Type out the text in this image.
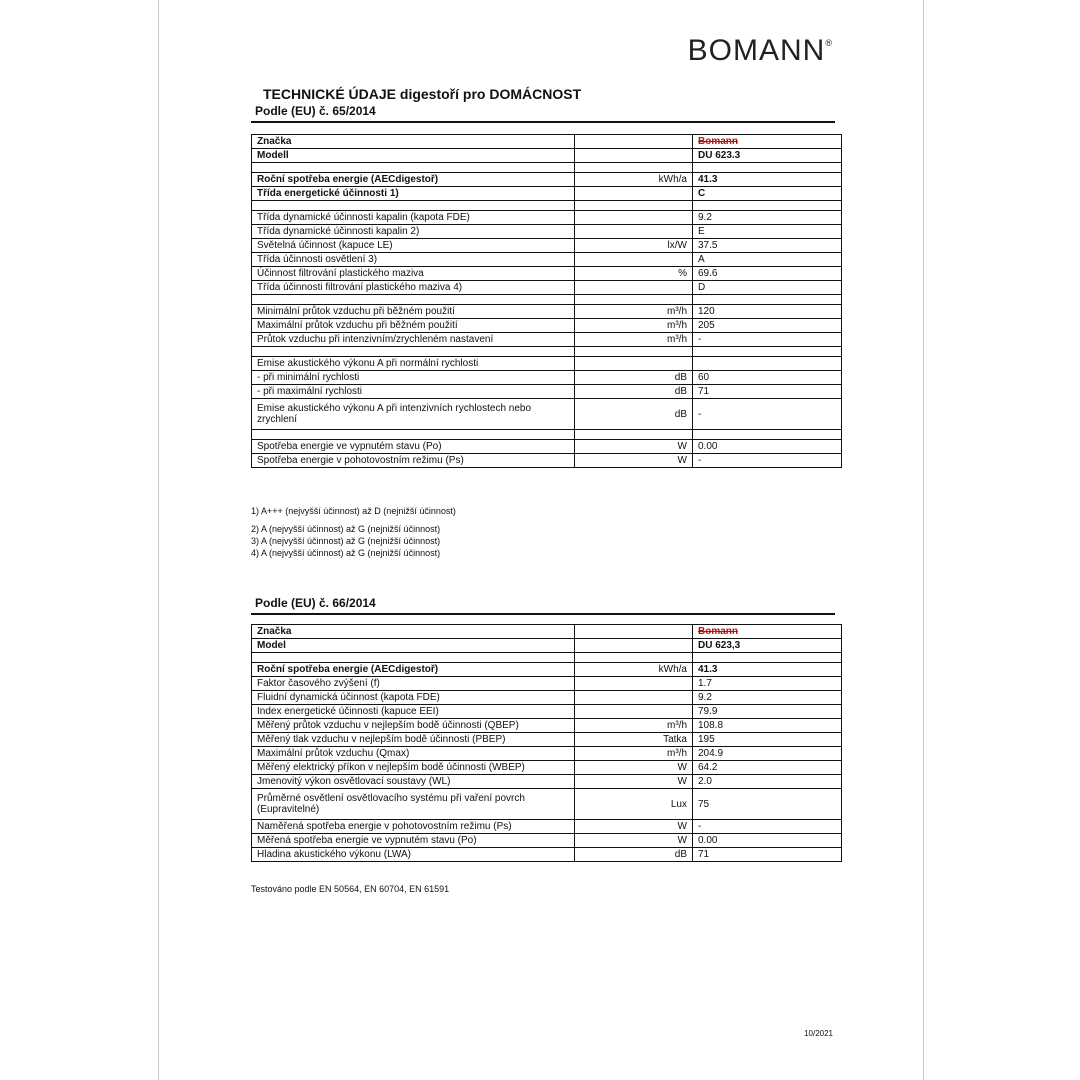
BOMANN®
TECHNICKÉ ÚDAJE digestoří pro DOMÁCNOST
Podle (EU) č. 65/2014
Značka		Bomann
Modell		DU 623.3

Roční spotřeba energie (AECdigestoř)	kWh/a	41.3
Třída energetické účinnosti 1)		C

Třída dynamické účinnosti kapalin (kapota FDE)		9.2
Třída dynamické účinnosti kapalin 2)		E
Světelná účinnost (kapuce LE)	lx/W	37.5
Třída účinnosti osvětlení 3)		A
Účinnost filtrování plastického maziva	%	69.6
Třída účinnosti filtrování plastického maziva 4)		D

Minimální průtok vzduchu při běžném použití	m³/h	120
Maximální průtok vzduchu při běžném použití	m³/h	205
Průtok vzduchu při intenzivním/zrychleném nastavení	m³/h	-

Emise akustického výkonu A při normální rychlosti		
- při minimální rychlosti	dB	60
- při maximální rychlosti	dB	71
Emise akustického výkonu A při intenzivních rychlostech nebo zrychlení	dB	-

Spotřeba energie ve vypnutém stavu (Po)	W	0.00
Spotřeba energie v pohotovostním režimu (Ps)	W	-
1) A+++ (nejvyšší účinnost) až D (nejnižší účinnost)
2) A (nejvyšší účinnost) až G (nejnižší účinnost)
3) A (nejvyšší účinnost) až G (nejnižší účinnost)
4) A (nejvyšší účinnost) až G (nejnižší účinnost)
Podle (EU) č. 66/2014
Značka		Bomann
Model		DU 623,3

Roční spotřeba energie (AECdigestoř)	kWh/a	41.3
Faktor časového zvýšení (f)		1.7
Fluidní dynamická účinnost (kapota FDE)		9.2
Index energetické účinnosti (kapuce EEI)		79.9
Měřený průtok vzduchu v nejlepším bodě účinnosti (QBEP)	m³/h	108.8
Měřený tlak vzduchu v nejlepším bodě účinnosti (PBEP)	Tatka	195
Maximální průtok vzduchu (Qmax)	m³/h	204.9
Měřený elektrický příkon v nejlepším bodě účinnosti (WBEP)	W	64.2
Jmenovitý výkon osvětlovací soustavy (WL)	W	2.0
Průměrné osvětlení osvětlovacího systému při vaření povrch (Eupravitelné)	Lux	75
Naměřená spotřeba energie v pohotovostním režimu (Ps)	W	-
Měřená spotřeba energie ve vypnutém stavu (Po)	W	0.00
Hladina akustického výkonu (LWA)	dB	71
Testováno podle EN 50564, EN 60704, EN 61591
10/2021
